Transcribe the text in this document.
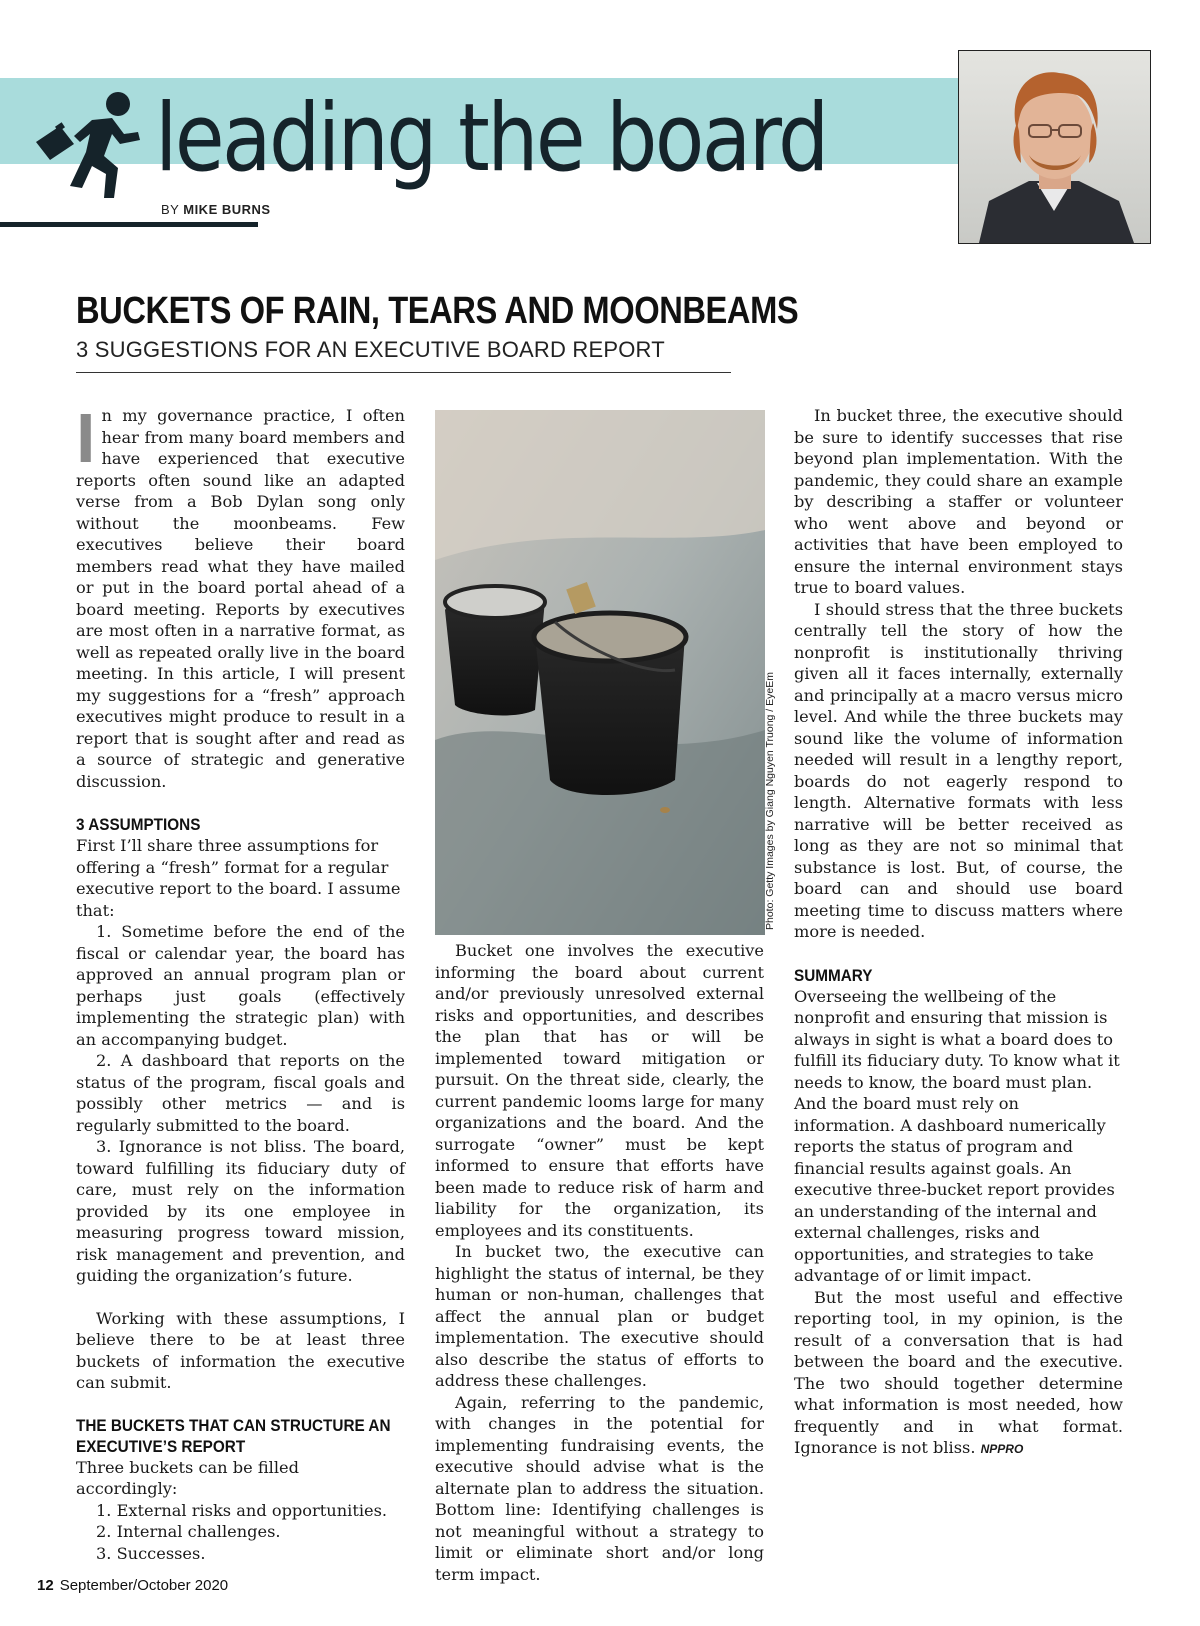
leading the board
BY MIKE BURNS
BUCKETS OF RAIN, TEARS AND MOONBEAMS
3 SUGGESTIONS FOR AN EXECUTIVE BOARD REPORT

In my governance practice, I often hear from many board members and have experienced that executive reports often sound like an adapted verse from a Bob Dylan song only without the moonbeams. Few executives believe their board members read what they have mailed or put in the board portal ahead of a board meeting. Reports by executives are most often in a narrative format, as well as repeated orally live in the board meeting. In this article, I will present my suggestions for a “fresh” approach executives might produce to result in a report that is sought after and read as a source of strategic and generative discussion.

3 ASSUMPTIONS

First I’ll share three assumptions for offering a “fresh” format for a regular executive report to the board. I assume that:

1. Sometime before the end of the fiscal or calendar year, the board has approved an annual program plan or perhaps just goals (effectively implementing the strategic plan) with an accompanying budget.

2. A dashboard that reports on the status of the program, fiscal goals and possibly other metrics — and is regularly submitted to the board.

3. Ignorance is not bliss. The board, toward fulfilling its fiduciary duty of care, must rely on the information provided by its one employee in measuring progress toward mission, risk management and prevention, and guiding the organization’s future.

Working with these assumptions, I believe there to be at least three buckets of information the executive can submit.

THE BUCKETS THAT CAN STRUCTURE AN EXECUTIVE’S REPORT

Three buckets can be filled accordingly:

1. External risks and opportunities.

2. Internal challenges.

3. Successes.

Photo: Getty Images by Giang Nguyen Truong / EyeEm

Bucket one involves the executive informing the board about current and/or previously unresolved external risks and opportunities, and describes the plan that has or will be implemented toward mitigation or pursuit. On the threat side, clearly, the current pandemic looms large for many organizations and the board. And the surrogate “owner” must be kept informed to ensure that efforts have been made to reduce risk of harm and liability for the organization, its employees and its constituents.

In bucket two, the executive can highlight the status of internal, be they human or non-human, challenges that affect the annual plan or budget implementation. The executive should also describe the status of efforts to address these challenges.

Again, referring to the pandemic, with changes in the potential for implementing fundraising events, the executive should advise what is the alternate plan to address the situation. Bottom line: Identifying challenges is not meaningful without a strategy to limit or eliminate short and/or long term impact.

In bucket three, the executive should be sure to identify successes that rise beyond plan implementation. With the pandemic, they could share an example by describing a staffer or volunteer who went above and beyond or activities that have been employed to ensure the internal environment stays true to board values.

I should stress that the three buckets centrally tell the story of how the nonprofit is institutionally thriving given all it faces internally, externally and principally at a macro versus micro level. And while the three buckets may sound like the volume of information needed will result in a lengthy report, boards do not eagerly respond to length. Alternative formats with less narrative will be better received as long as they are not so minimal that substance is lost. But, of course, the board can and should use board meeting time to discuss matters where more is needed.

SUMMARY

Overseeing the wellbeing of the nonprofit and ensuring that mission is always in sight is what a board does to fulfill its fiduciary duty. To know what it needs to know, the board must plan. And the board must rely on information. A dashboard numerically reports the status of program and financial results against goals. An executive three-bucket report provides an understanding of the internal and external challenges, risks and opportunities, and strategies to take advantage of or limit impact.

But the most useful and effective reporting tool, in my opinion, is the result of a conversation that is had between the board and the executive. The two should together determine what information is most needed, how frequently and in what format. Ignorance is not bliss. NPPRO

12 September/October 2020
